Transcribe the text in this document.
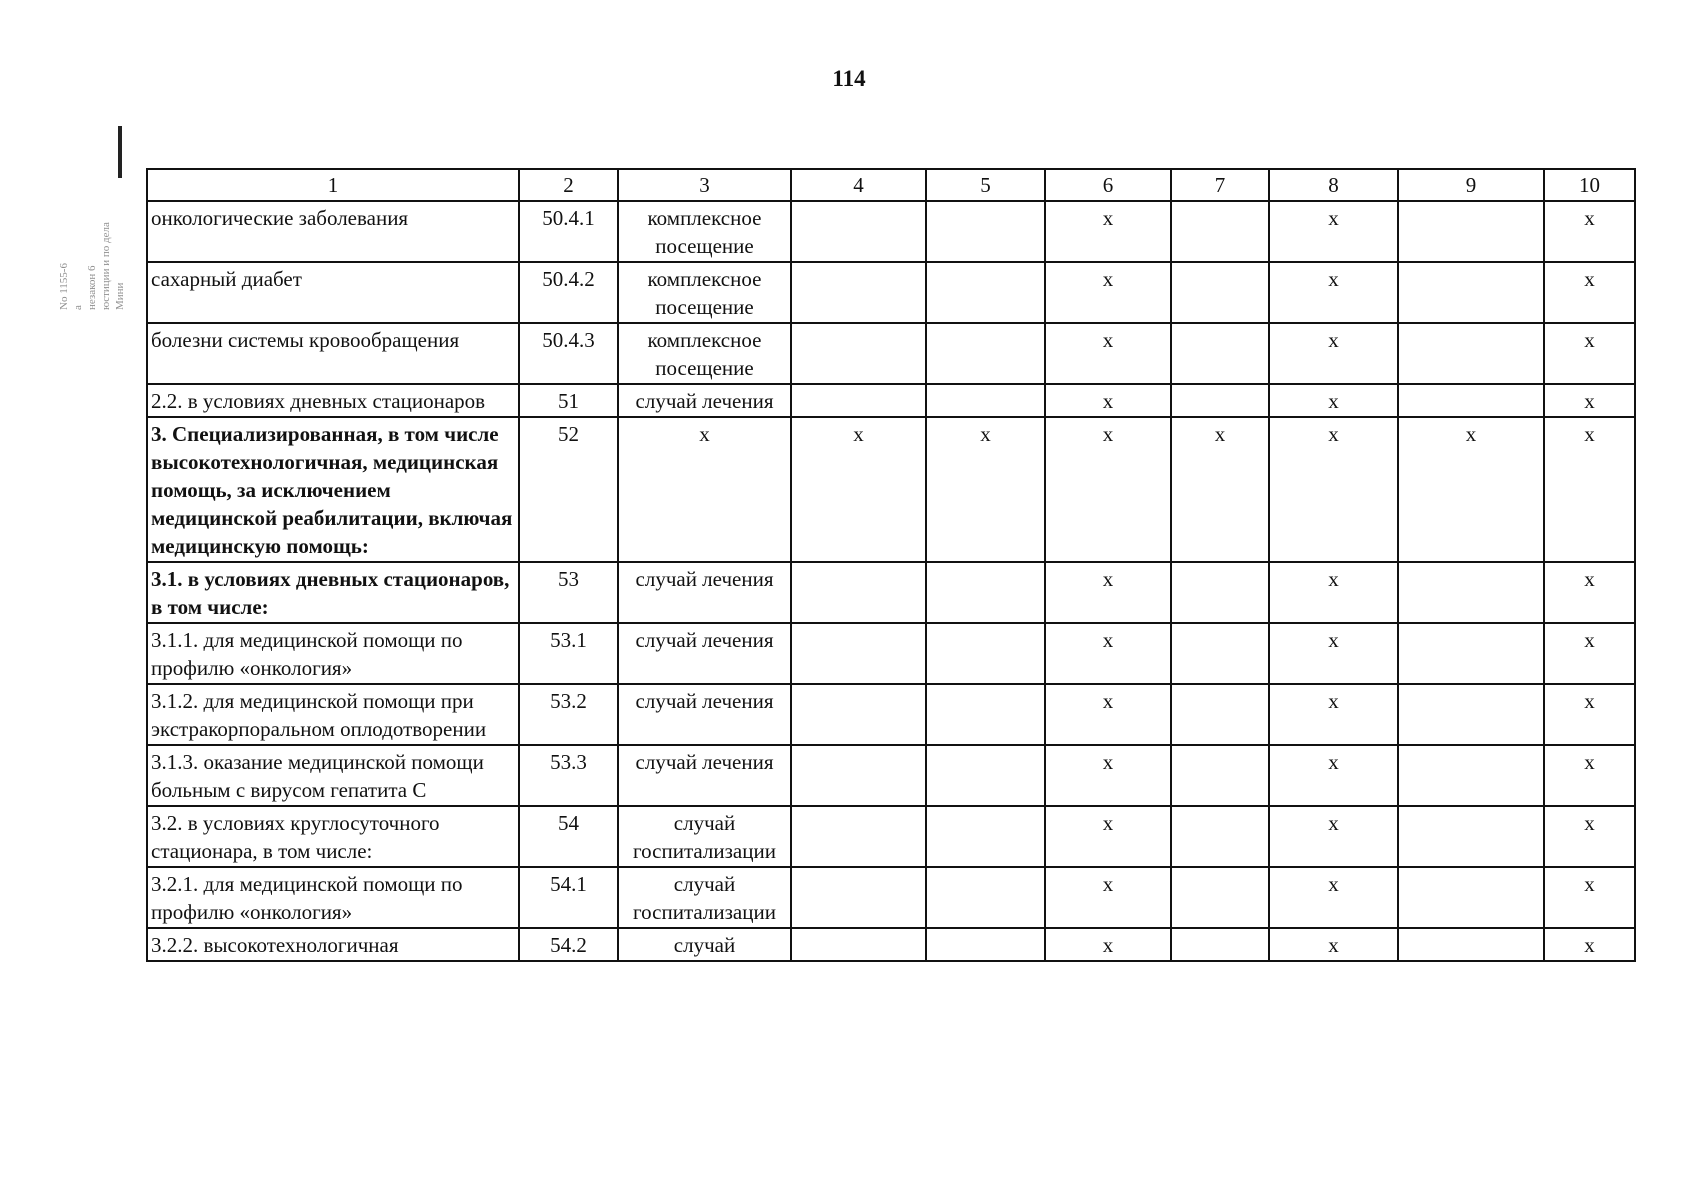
114
Мини
юстиции и по дела
незакон 6
а
No 1155-6
1	2	3	4	5	6	7	8	9	10
онкологические заболевания	50.4.1	комплексное посещение			х		х		х
сахарный диабет	50.4.2	комплексное посещение			х		х		х
болезни системы кровообращения	50.4.3	комплексное посещение			х		х		х
2.2. в условиях дневных стационаров	51	случай лечения			х		х		х
3. Специализированная, в том числе высокотехнологичная, медицинская помощь, за исключением медицинской реабилитации, включая медицинскую помощь:	52	х	х	х	х	х	х	х	х
3.1. в условиях дневных стационаров, в том числе:	53	случай лечения			х		х		х
3.1.1. для медицинской помощи по профилю «онкология»	53.1	случай лечения			х		х		х
3.1.2. для медицинской помощи при экстракорпоральном оплодотворении	53.2	случай лечения			х		х		х
3.1.3. оказание медицинской помощи больным с вирусом гепатита С	53.3	случай лечения			х		х		х
3.2. в условиях круглосуточного стационара, в том числе:	54	случай госпитализации			х		х		х
3.2.1. для медицинской помощи по профилю «онкология»	54.1	случай госпитализации			х		х		х
3.2.2. высокотехнологичная	54.2	случай			х		х		х
